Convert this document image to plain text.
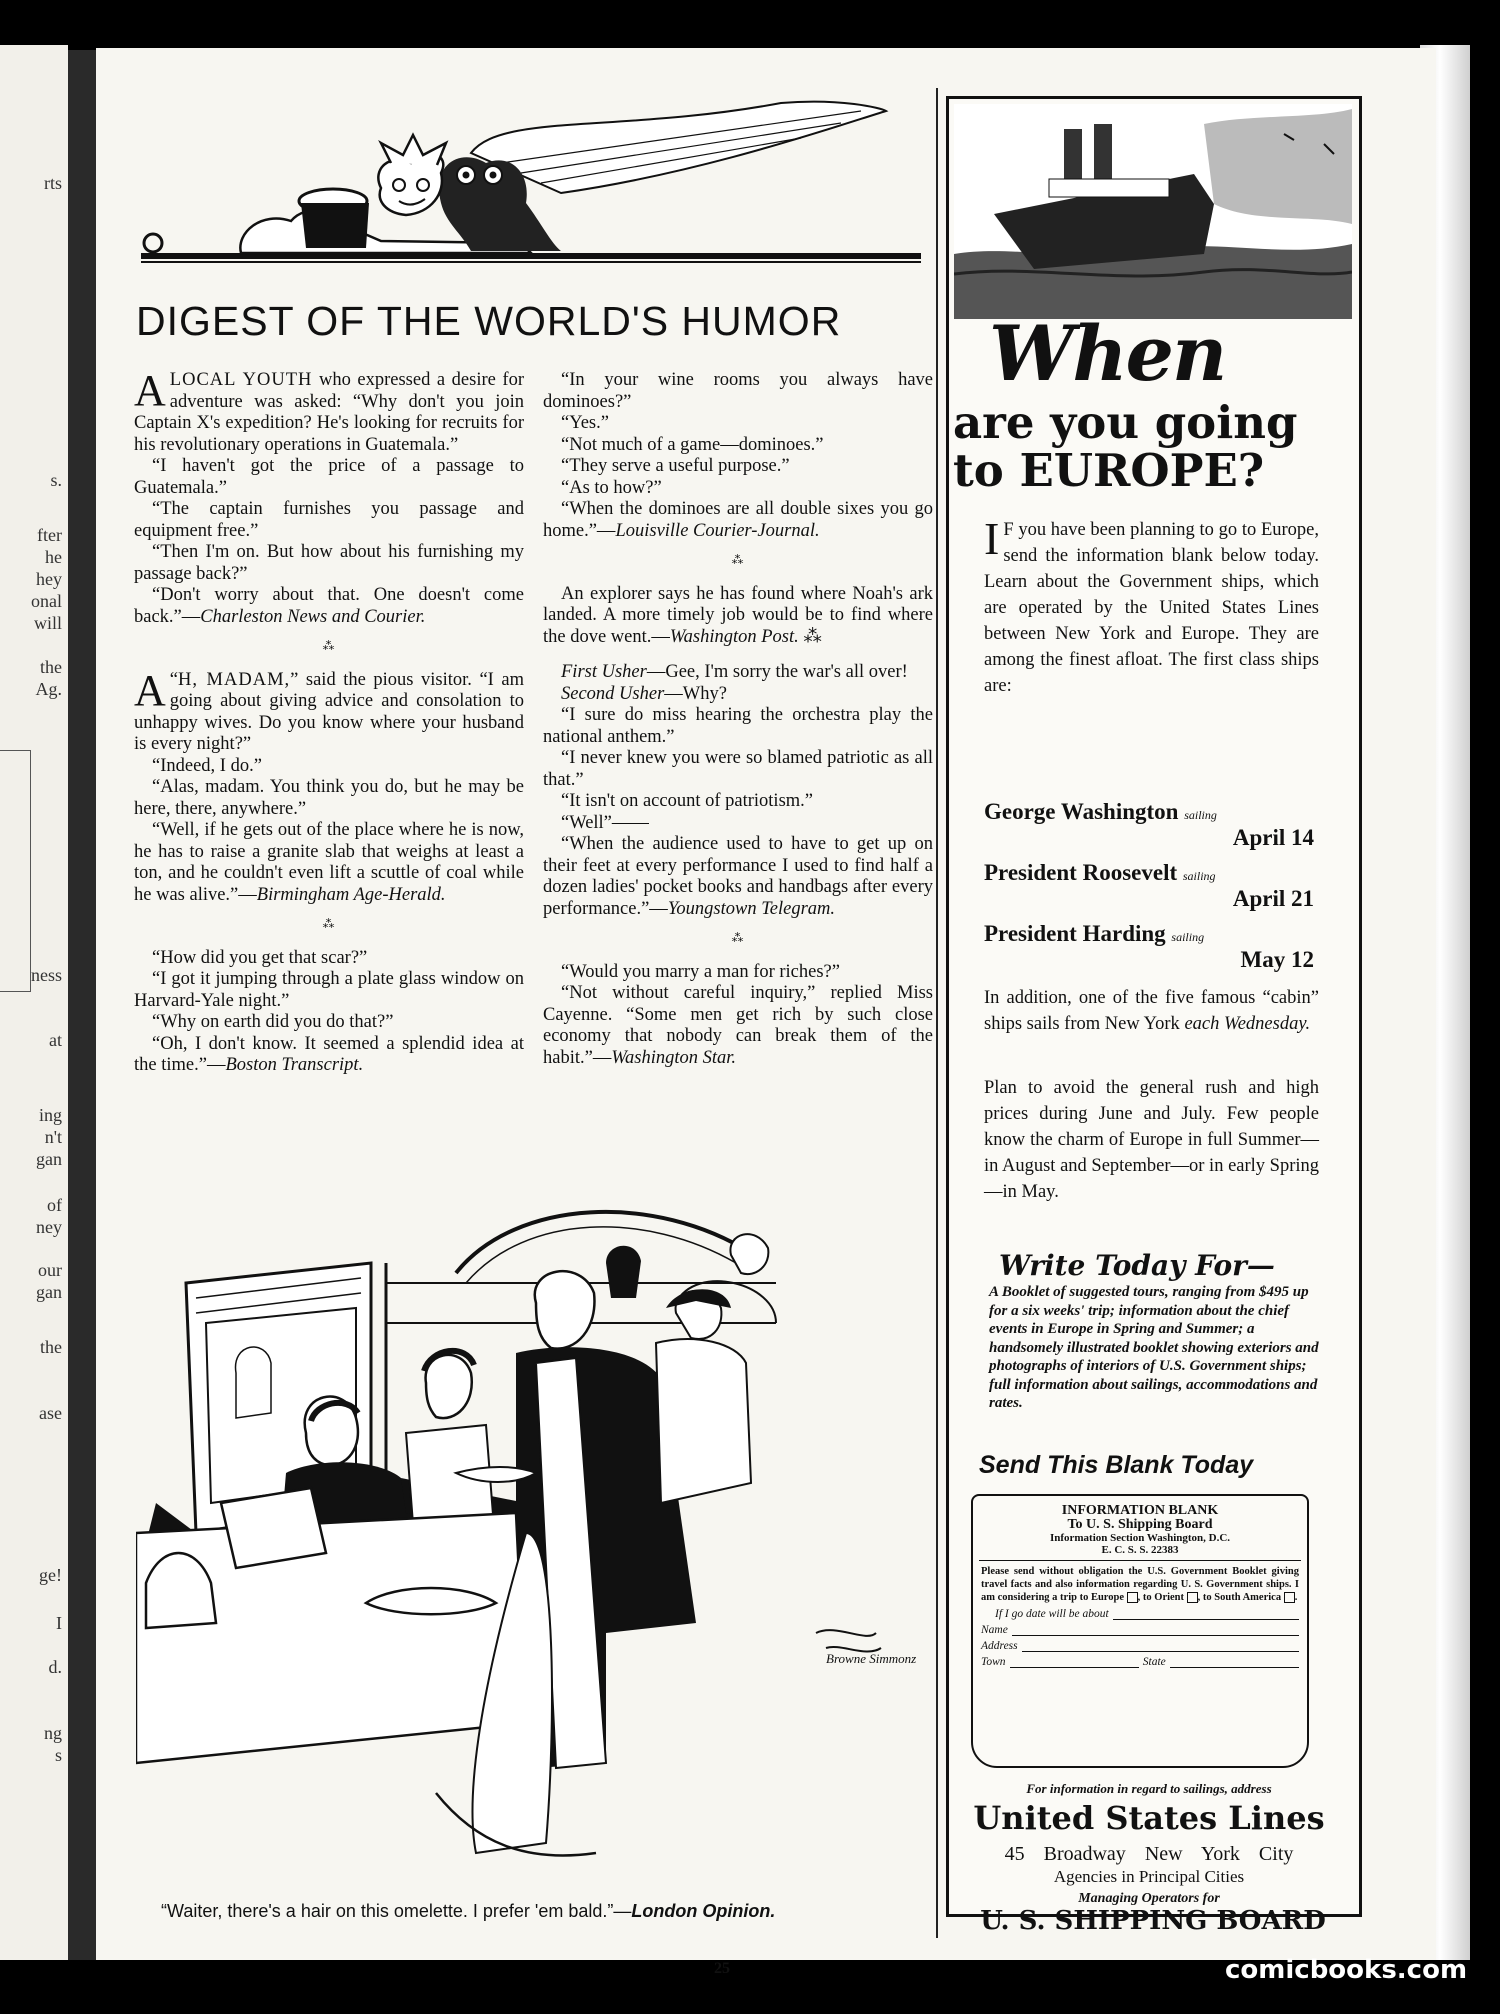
rts
s.
fter
he
hey
onal
will
the
Ag.
ness
at
ing
n't
gan
of
ney
our
gan
the
ase
ge!
I
d.
ng
s
DIGEST OF THE WORLD'S HUMOR

ALOCAL YOUTH who expressed a desire for adventure was asked: “Why don't you join Captain X's expedition? He's looking for recruits for his revolutionary operations in Guatemala.”

“I haven't got the price of a passage to Guatemala.”

“The captain furnishes you passage and equipment free.”

“Then I'm on. But how about his furnishing my passage back?”

“Don't worry about that. One doesn't come back.”—Charleston News and Courier.

⁂

“
A H, MADAM,” said the pious visitor. “I am going about giving advice and consolation to unhappy wives. Do you know where your husband is every night?”

“Indeed, I do.”

“Alas, madam. You think you do, but he may be here, there, anywhere.”

“Well, if he gets out of the place where he is now, he has to raise a granite slab that weighs at least a ton, and he couldn't even lift a scuttle of coal while he was alive.”—Birmingham Age-Herald.

⁂

“How did you get that scar?”

“I got it jumping through a plate glass window on Harvard-Yale night.”

“Why on earth did you do that?”

“Oh, I don't know. It seemed a splendid idea at the time.”—Boston Transcript.

“In your wine rooms you always have dominoes?”

“Yes.”

“Not much of a game—dominoes.”

“They serve a useful purpose.”

“As to how?”

“When the dominoes are all double sixes you go home.”—Louisville Courier-Journal.

⁂

An explorer says he has found where Noah's ark landed. A more timely job would be to find where the dove went.—Washington Post. ⁂

First Usher—Gee, I'm sorry the war's all over!

Second Usher—Why?

“I sure do miss hearing the orchestra play the national anthem.”

“I never knew you were so blamed patriotic as all that.”

“It isn't on account of patriotism.”

“Well”——

“When the audience used to have to get up on their feet at every performance I used to find half a dozen ladies' pocket books and handbags after every performance.”—Youngstown Telegram.

⁂

“Would you marry a man for riches?”

“Not without careful inquiry,” replied Miss Cayenne. “Some men get rich by such close economy that nobody can break them of the habit.”—Washington Star.

Browne Simmonz
“Waiter, there's a hair on this omelette. I prefer 'em bald.”—London Opinion.
25
When
are you going
to EUROPE?
I F you have been planning to go to Europe, send the information blank below today. Learn about the Government ships, which are operated by the United States Lines between New York and Europe. They are among the finest afloat. The first class ships are:
George Washington sailing
April 14
President Roosevelt sailing
April 21
President Harding sailing
May 12
In addition, one of the five famous “cabin” ships sails from New York each Wednesday.
Plan to avoid the general rush and high prices during June and July. Few people know the charm of Europe in full Summer—in August and September—or in early Spring—in May.
Write Today For—
A Booklet of suggested tours, ranging from $495 up for a six weeks' trip; information about the chief events in Europe in Spring and Summer; a handsomely illustrated booklet showing exteriors and photographs of interiors of U.S. Government ships; full information about sailings, accommodations and rates.
Send This Blank Today
INFORMATION BLANK
To U. S. Shipping Board
Information Section Washington, D.C.
E. C. S. S. 22383
Please send without obligation the U.S. Government Booklet giving travel facts and also information regarding U. S. Government ships. I am considering a trip to Europe , to Orient , to South America .
If I go date will be about
Name
Address
Town	State
For information in regard to sailings, address
United States Lines
45 Broadway New York City
Agencies in Principal Cities
Managing Operators for
U. S. SHIPPING BOARD
comicbooks.com
